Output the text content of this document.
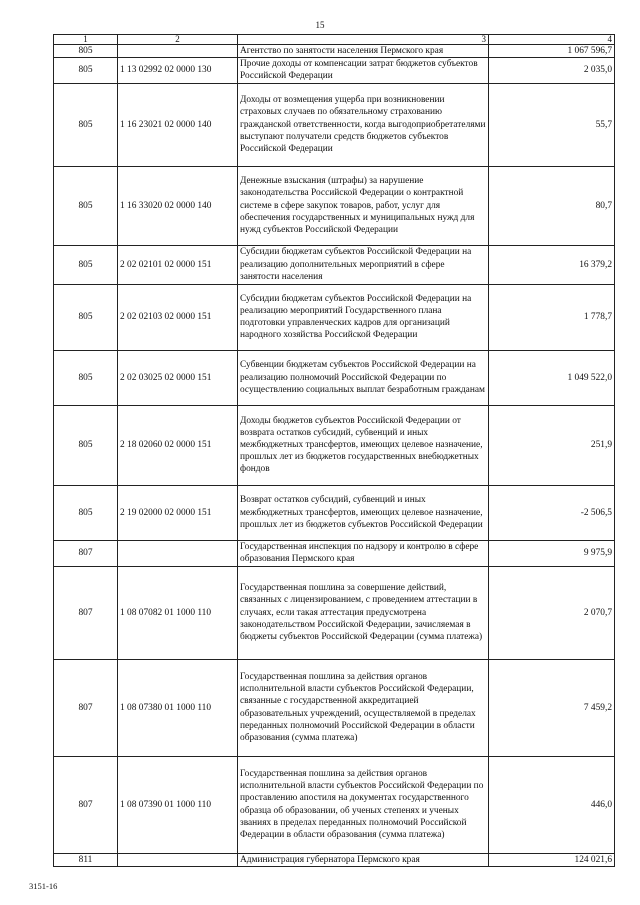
15
1	2	3	4
805		Агентство по занятости населения Пермского края	1 067 596,7
805	1 13 02992 02 0000 130	Прочие доходы от компенсации затрат бюджетов субъектов Российской Федерации	2 035,0
805	1 16 23021 02 0000 140	Доходы от возмещения ущерба при возникновении страховых случаев по обязательному страхованию гражданской ответственности, когда выгодоприобретателями выступают получатели средств бюджетов субъектов Российской Федерации	55,7
805	1 16 33020 02 0000 140	Денежные взыскания (штрафы) за нарушение законодательства Российской Федерации о контрактной системе в сфере закупок товаров, работ, услуг для обеспечения государственных и муниципальных нужд для нужд субъектов Российской Федерации	80,7
805	2 02 02101 02 0000 151	Субсидии бюджетам субъектов Российской Федерации на реализацию дополнительных мероприятий в сфере занятости населения	16 379,2
805	2 02 02103 02 0000 151	Субсидии бюджетам субъектов Российской Федерации на реализацию мероприятий Государственного плана подготовки управленческих кадров для организаций народного хозяйства Российской Федерации	1 778,7
805	2 02 03025 02 0000 151	Субвенции бюджетам субъектов Российской Федерации на реализацию полномочий Российской Федерации по осуществлению социальных выплат безработным гражданам	1 049 522,0
805	2 18 02060 02 0000 151	Доходы бюджетов субъектов Российской Федерации от возврата остатков субсидий, субвенций и иных межбюджетных трансфертов, имеющих целевое назначение, прошлых лет из бюджетов государственных внебюджетных фондов	251,9
805	2 19 02000 02 0000 151	Возврат остатков субсидий, субвенций и иных межбюджетных трансфертов, имеющих целевое назначение, прошлых лет из бюджетов субъектов Российской Федерации	-2 506,5
807		Государственная инспекция по надзору и контролю в сфере образования Пермского края	9 975,9
807	1 08 07082 01 1000 110	Государственная пошлина за совершение действий, связанных с лицензированием, с проведением аттестации в случаях, если такая аттестация предусмотрена законодательством Российской Федерации, зачисляемая в бюджеты субъектов Российской Федерации (сумма платежа)	2 070,7
807	1 08 07380 01 1000 110	Государственная пошлина за действия органов исполнительной власти субъектов Российской Федерации, связанные с государственной аккредитацией образовательных учреждений, осуществляемой в пределах переданных полномочий Российской Федерации в области образования (сумма платежа)	7 459,2
807	1 08 07390 01 1000 110	Государственная пошлина за действия органов исполнительной власти субъектов Российской Федерации по проставлению апостиля на документах государственного образца об образовании, об ученых степенях и ученых званиях в пределах переданных полномочий Российской Федерации в области образования (сумма платежа)	446,0
811		Администрация губернатора Пермского края	124 021,6
3151-16
